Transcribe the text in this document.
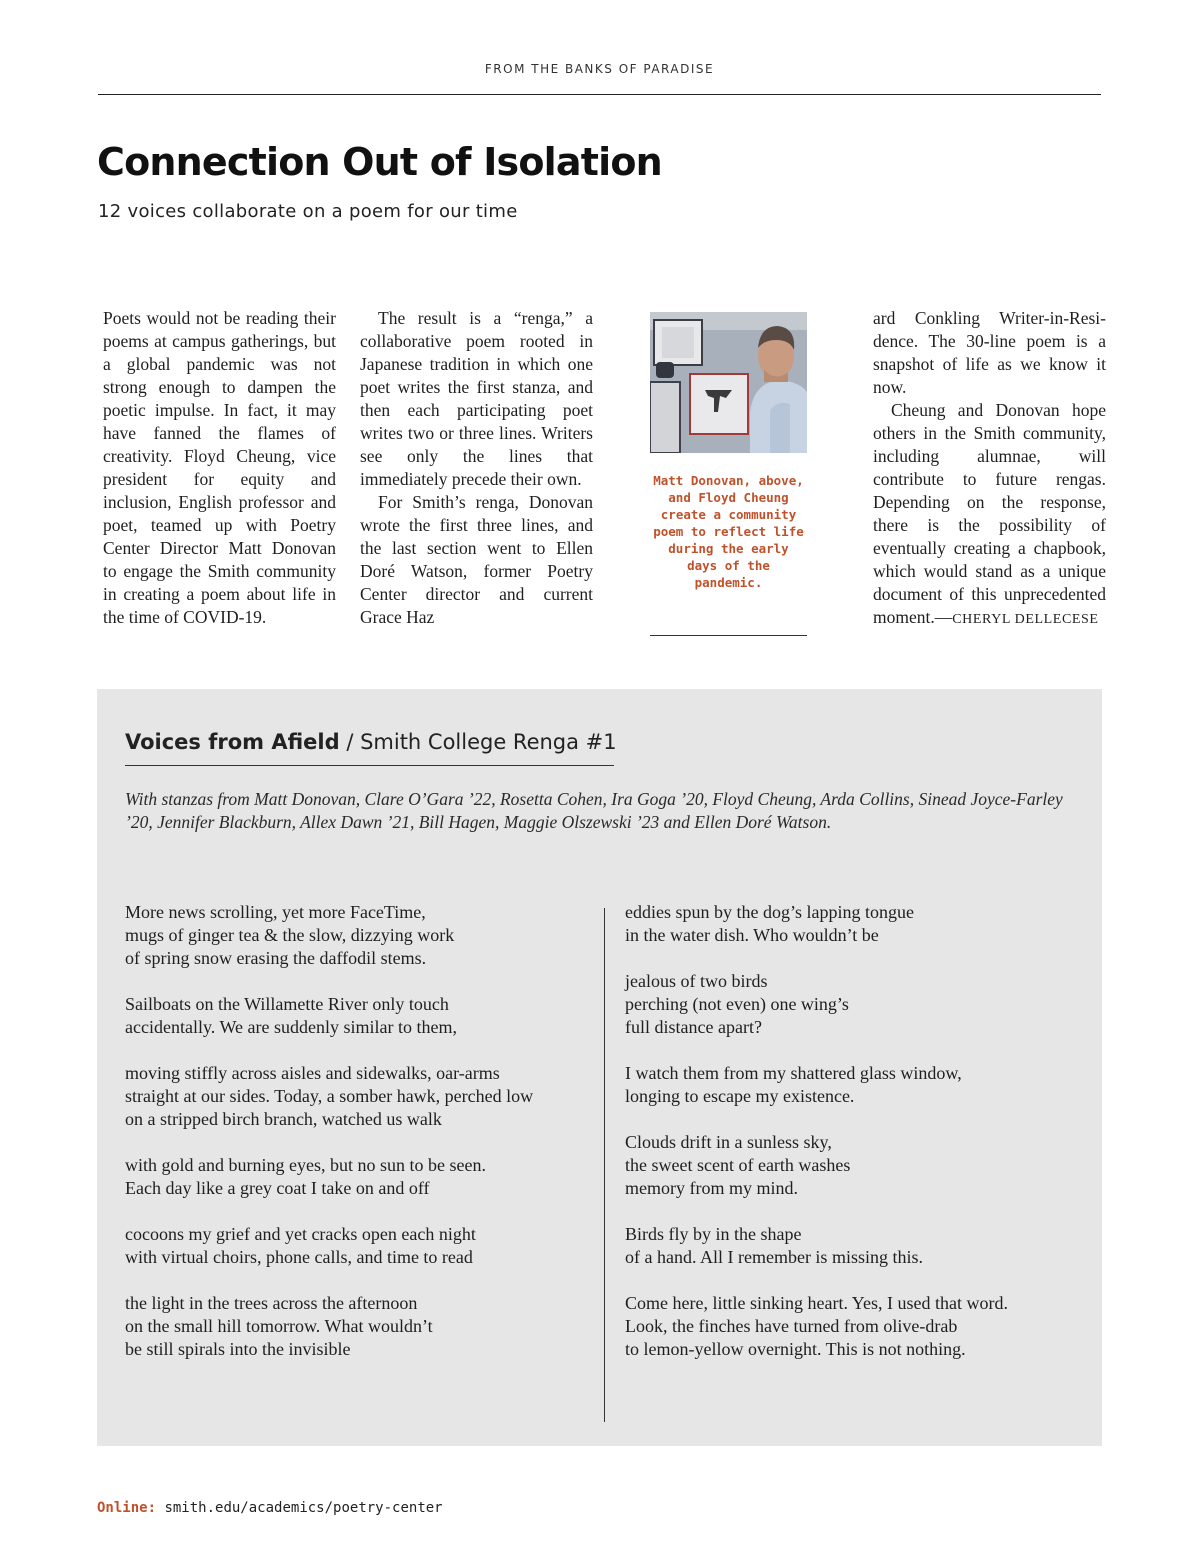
FROM THE BANKS OF PARADISE
Connection Out of Isolation
12 voices collaborate on a poem for our time

Poets would not be reading their poems at campus gatherings, but a global pandemic was not strong enough to dampen the poetic impulse. In fact, it may have fanned the flames of creativity. Floyd Cheung, vice president for equity and inclusion, English professor and poet, teamed up with Poetry Center Director Matt Donovan to engage the Smith community in creating a poem about life in the time of COVID-19.

The result is a “renga,” a collaborative poem rooted in Japanese tradition in which one poet writes the first stanza, and then each participating poet writes two or three lines. Writers see only the lines that immediately precede their own.

For Smith’s renga, Donovan wrote the first three lines, and the last section went to Ellen Doré Watson, former Poetry Center director and current Grace Haz

Matt Donovan, above, and Floyd Cheung create a community poem to reflect life during the early days of the pandemic.

ard Conkling Writer-in-Residence. The 30-line poem is a snapshot of life as we know it now.

Cheung and Donovan hope others in the Smith community, including alumnae, will contribute to future rengas. Depending on the response, there is the possibility of eventually creating a chapbook, which would stand as a unique document of this unprecedented moment.—CHERYL DELLECESE

Voices from Afield / Smith College Renga #1
With stanzas from Matt Donovan, Clare O’Gara ’22, Rosetta Cohen, Ira Goga ’20, Floyd Cheung, Arda Collins, Sinead Joyce-Farley ’20, Jennifer Blackburn, Allex Dawn ’21, Bill Hagen, Maggie Olszewski ’23 and Ellen Doré Watson.
More news scrolling, yet more FaceTime,
mugs of ginger tea & the slow, dizzying work
of spring snow erasing the daffodil stems.
Sailboats on the Willamette River only touch
accidentally. We are suddenly similar to them,
moving stiffly across aisles and sidewalks, oar-arms
straight at our sides. Today, a somber hawk, perched low
on a stripped birch branch, watched us walk
with gold and burning eyes, but no sun to be seen.
Each day like a grey coat I take on and off
cocoons my grief and yet cracks open each night
with virtual choirs, phone calls, and time to read
the light in the trees across the afternoon
on the small hill tomorrow. What wouldn’t
be still spirals into the invisible
eddies spun by the dog’s lapping tongue
in the water dish. Who wouldn’t be
jealous of two birds
perching (not even) one wing’s
full distance apart?
I watch them from my shattered glass window,
longing to escape my existence.
Clouds drift in a sunless sky,
the sweet scent of earth washes
memory from my mind.
Birds fly by in the shape
of a hand. All I remember is missing this.
Come here, little sinking heart. Yes, I used that word.
Look, the finches have turned from olive-drab
to lemon-yellow overnight. This is not nothing.
Online: smith.edu/academics/poetry-center
